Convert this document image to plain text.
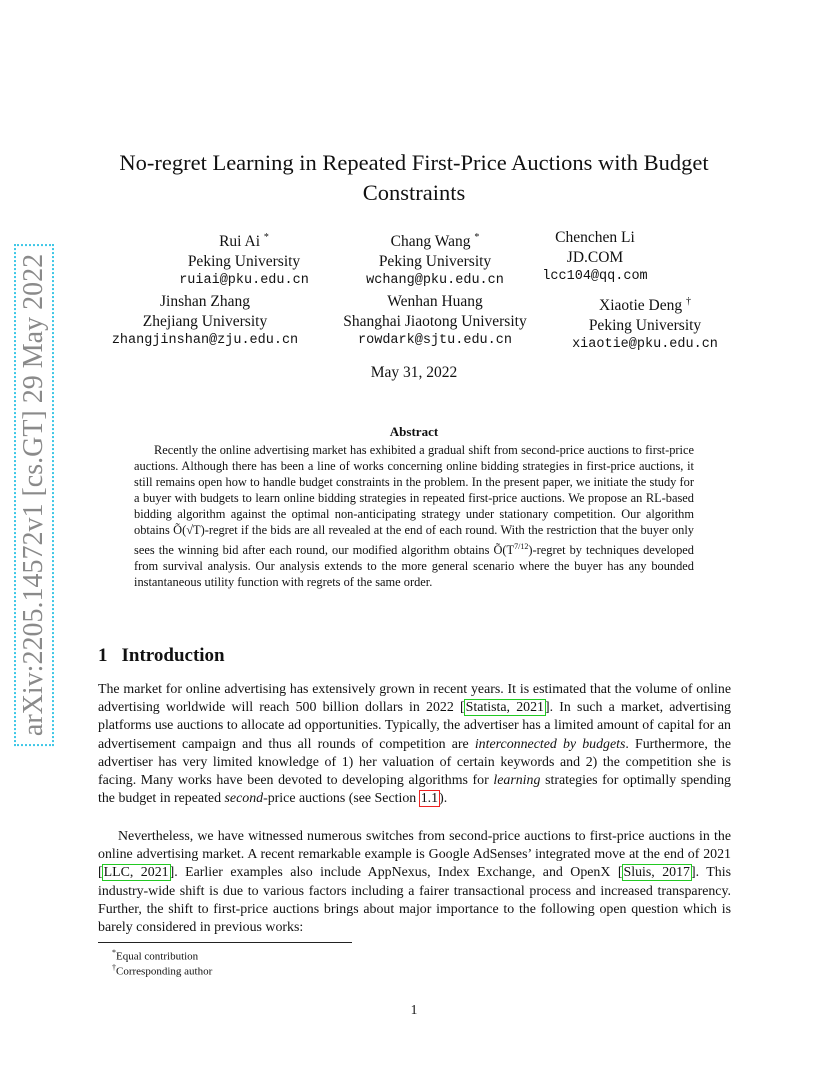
arXiv:2205.14572v1 [cs.GT] 29 May 2022
No-regret Learning in Repeated First-Price Auctions with Budget Constraints
Rui Ai *
Peking University
ruiai@pku.edu.cn
Chang Wang *
Peking University
wchang@pku.edu.cn
Chenchen Li
JD.COM
lcc104@qq.com
Jinshan Zhang
Zhejiang University
zhangjinshan@zju.edu.cn
Wenhan Huang
Shanghai Jiaotong University
rowdark@sjtu.edu.cn
Xiaotie Deng †
Peking University
xiaotie@pku.edu.cn
May 31, 2022
Abstract
Recently the online advertising market has exhibited a gradual shift from second-price auctions to first-price auctions. Although there has been a line of works concerning online bidding strategies in first-price auctions, it still remains open how to handle budget constraints in the problem. In the present paper, we initiate the study for a buyer with budgets to learn online bidding strategies in repeated first-price auctions. We propose an RL-based bidding algorithm against the optimal non-anticipating strategy under stationary competition. Our algorithm obtains Õ(√T)-regret if the bids are all revealed at the end of each round. With the restriction that the buyer only sees the winning bid after each round, our modified algorithm obtains $Õ(T^{7/12})$-regret by techniques developed from survival analysis. Our analysis extends to the more general scenario where the buyer has any bounded instantaneous utility function with regrets of the same order.
1 Introduction
The market for online advertising has extensively grown in recent years. It is estimated that the volume of online advertising worldwide will reach 500 billion dollars in 2022 [Statista, 2021]. In such a market, advertising platforms use auctions to allocate ad opportunities. Typically, the advertiser has a limited amount of capital for an advertisement campaign and thus all rounds of competition are interconnected by budgets. Furthermore, the advertiser has very limited knowledge of 1) her valuation of certain keywords and 2) the competition she is facing. Many works have been devoted to developing algorithms for learning strategies for optimally spending the budget in repeated second-price auctions (see Section 1.1).
Nevertheless, we have witnessed numerous switches from second-price auctions to first-price auctions in the online advertising market. A recent remarkable example is Google AdSenses’ integrated move at the end of 2021 [LLC, 2021]. Earlier examples also include AppNexus, Index Exchange, and OpenX [Sluis, 2017]. This industry-wide shift is due to various factors including a fairer transactional process and increased transparency. Further, the shift to first-price auctions brings about major importance to the following open question which is barely considered in previous works:
*Equal contribution
†Corresponding author
1
